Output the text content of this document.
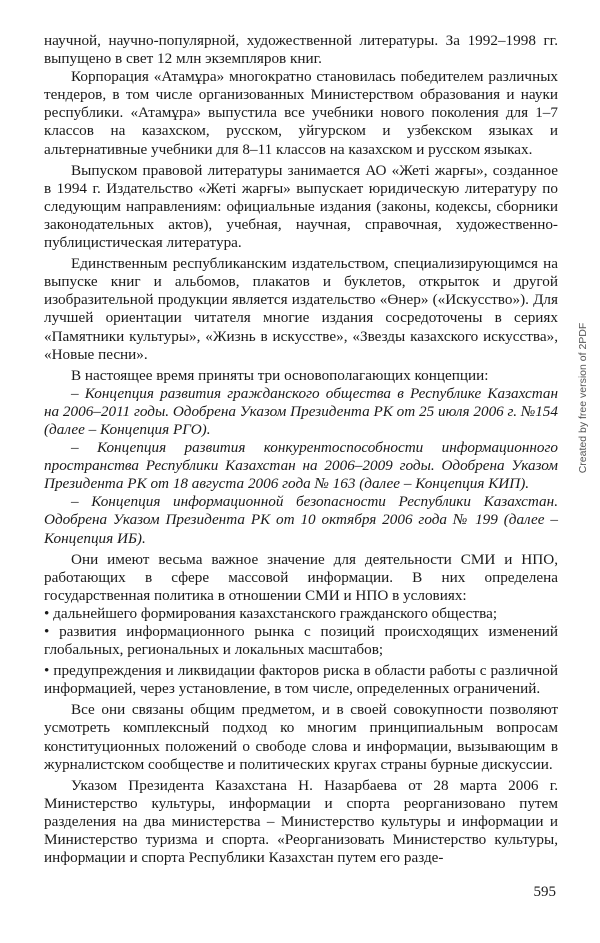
научной, научно-популярной, художественной литературы. За 1992–1998 гг. выпущено в свет 12 млн экземпляров книг.

Корпорация «Атамұра» многократно становилась победителем различных тендеров, в том числе организованных Министерством образования и науки республики. «Атамұра» выпустила все учебники нового поколения для 1–7 классов на казахском, русском, уйгурском и узбекском языках и альтернативные учебники для 8–11 классов на казахском и русском языках.

Выпуском правовой литературы занимается АО «Жеті жарғы», созданное в 1994 г. Издательство «Жеті жарғы» выпускает юридическую литературу по следующим направлениям: официальные издания (законы, кодексы, сборники законодательных актов), учебная, научная, справочная, художественно-публицистическая литература.

Единственным республиканским издательством, специализирующимся на выпуске книг и альбомов, плакатов и буклетов, открыток и другой изобразительной продукции является издательство «Өнер» («Искусство»). Для лучшей ориентации читателя многие издания сосредоточены в сериях «Памятники культуры», «Жизнь в искусстве», «Звезды казахского искусства», «Новые песни».

В настоящее время приняты три основополагающих концепции:

– Концепция развития гражданского общества в Республике Казахстан на 2006–2011 годы. Одобрена Указом Президента РК от 25 июля 2006 г. №154 (далее – Концепция РГО).

– Концепция развития конкурентоспособности информационного пространства Республики Казахстан на 2006–2009 годы. Одобрена Указом Президента РК от 18 августа 2006 года № 163 (далее – Концепция КИП).

– Концепция информационной безопасности Республики Казахстан. Одобрена Указом Президента РК от 10 октября 2006 года № 199 (далее – Концепция ИБ).

Они имеют весьма важное значение для деятельности СМИ и НПО, работающих в сфере массовой информации. В них определена государственная политика в отношении СМИ и НПО в условиях:

• дальнейшего формирования казахстанского гражданского общества;

• развития информационного рынка с позиций происходящих изменений глобальных, региональных и локальных масштабов;

• предупреждения и ликвидации факторов риска в области работы с различной информацией, через установление, в том числе, определенных ограничений.

Все они связаны общим предметом, и в своей совокупности позволяют усмотреть комплексный подход ко многим принципиальным вопросам конституционных положений о свободе слова и информации, вызывающим в журналистском сообществе и политических кругах страны бурные дискуссии.

Указом Президента Казахстана Н. Назарбаева от 28 марта 2006 г. Министерство культуры, информации и спорта реорганизовано путем разделения на два министерства – Министерство культуры и информации и Министерство туризма и спорта. «Реорганизовать Министерство культуры, информации и спорта Республики Казахстан путем его разде-

595
Created by free version of 2PDF
